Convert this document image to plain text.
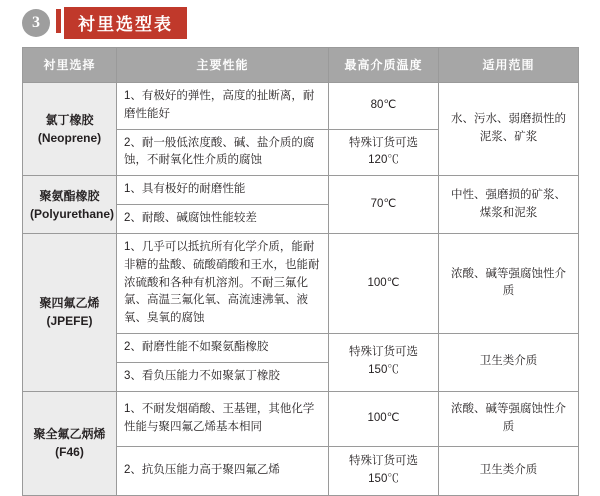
3	衬里选型表
衬里选择	主要性能	最高介质温度	适用范围
氯丁橡胶
(Neoprene)	1、有极好的弹性，高度的扯断离，耐磨性能好	80℃	水、污水、弱磨损性的泥浆、矿浆
	2、耐一般低浓度酸、碱、盐介质的腐蚀，不耐氧化性介质的腐蚀	特殊订货可选120℃	
聚氨酯橡胶
(Polyurethane)	1、具有极好的耐磨性能	70℃	中性、强磨损的矿浆、煤浆和泥浆
	2、耐酸、碱腐蚀性能较差		
聚四氟乙烯
(JPEFE)	1、几乎可以抵抗所有化学介质，能耐非糖的盐酸、硫酸硝酸和王水，也能耐浓硫酸和各种有机溶剂。不耐三氟化氯、高温三氟化氧、高流速沸氧、液氧、臭氧的腐蚀	100℃	浓酸、碱等强腐蚀性介质
	2、耐磨性能不如聚氨酯橡胶	特殊订货可选150℃	卫生类介质
	3、看负压能力不如聚氯丁橡胶		
聚全氟乙炳烯
(F46)	1、不耐发烟硝酸、王基锂，其他化学性能与聚四氟乙烯基本相同	100℃	浓酸、碱等强腐蚀性介质
	2、抗负压能力高于聚四氟乙烯	特殊订货可选150℃	卫生类介质
